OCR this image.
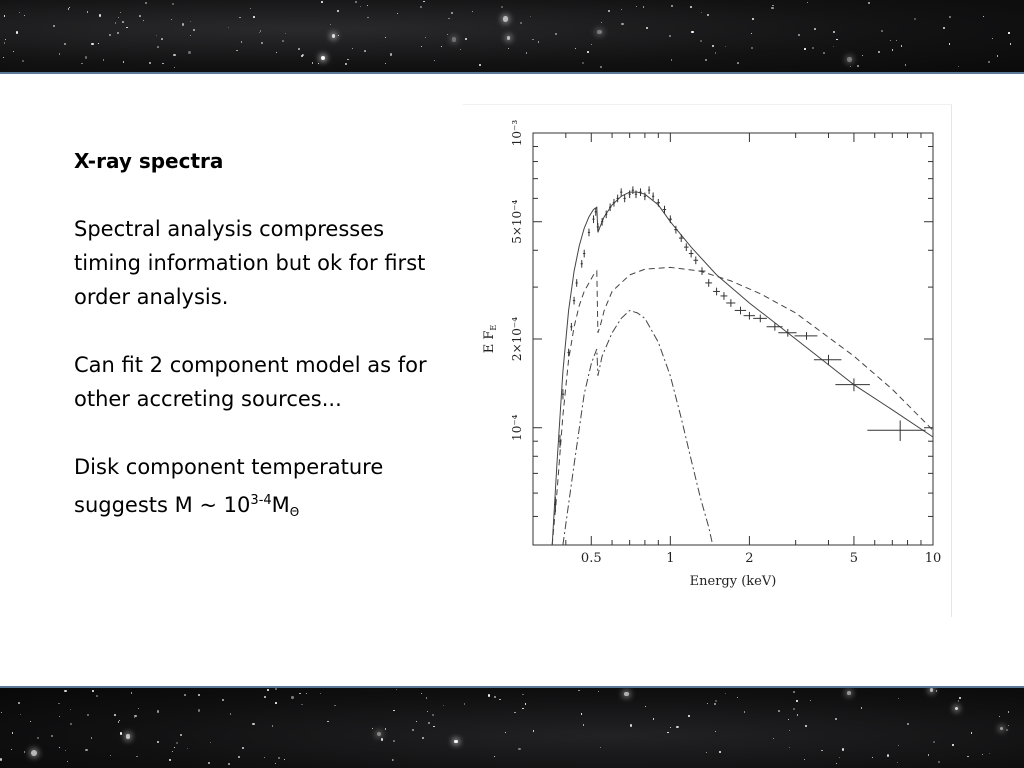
X-ray spectra

Spectral analysis compresses timing information but ok for first order analysis.

Can fit 2 component model as for other accreting sources...

Disk component temperature suggests M ~ $10^{3-4}M_\Theta$

0.5	1	2	5	10
10⁻⁴
2×10⁻⁴
5×10⁻⁴
10⁻³
Energy (keV)
E $F_E$
